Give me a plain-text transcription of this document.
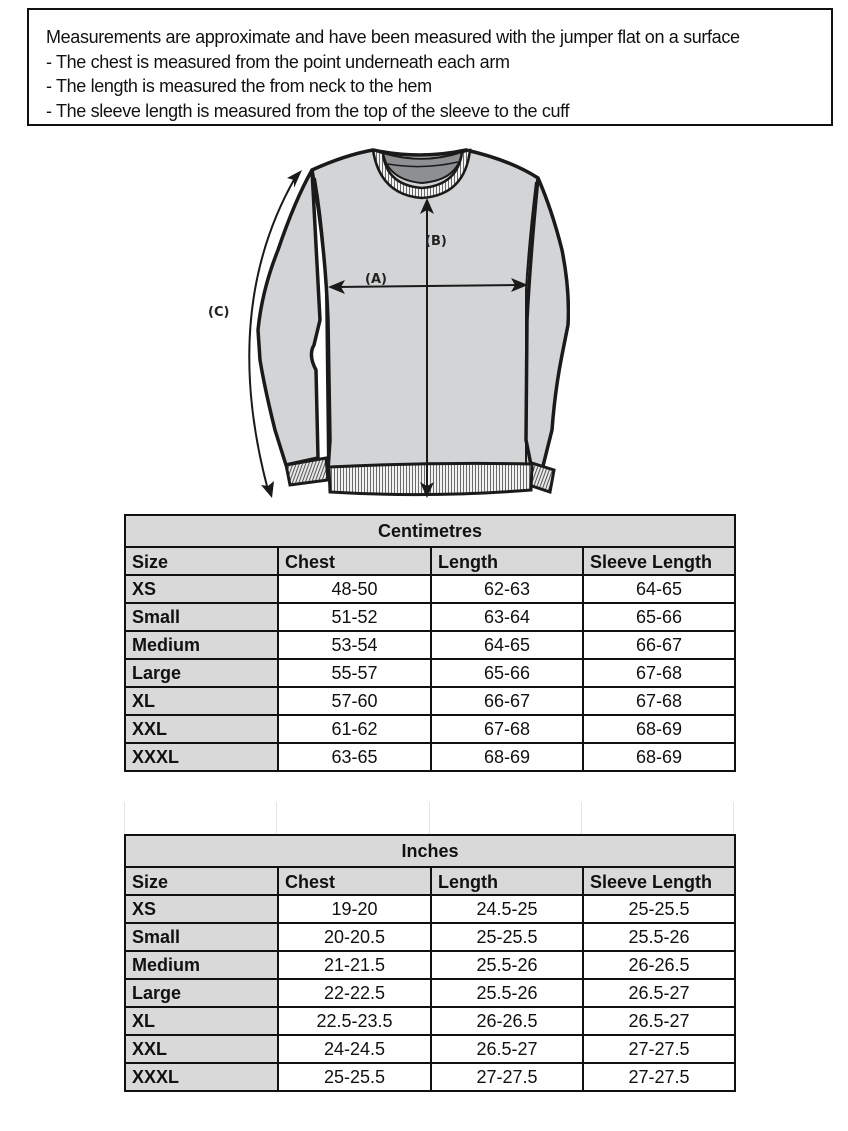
Measurements are approximate and have been measured with the jumper flat on a surface
- The chest is measured from the point underneath each arm
- The length is measured the from neck to the hem
- The sleeve length is measured from the top of the sleeve to the cuff
(A)
(B)
(C)
Centimetres			
Size	Chest	Length	Sleeve Length
XS	48-50	62-63	64-65
Small	51-52	63-64	65-66
Medium	53-54	64-65	66-67
Large	55-57	65-66	67-68
XL	57-60	66-67	67-68
XXL	61-62	67-68	68-69
XXXL	63-65	68-69	68-69
Inches			
Size	Chest	Length	Sleeve Length
XS	19-20	24.5-25	25-25.5
Small	20-20.5	25-25.5	25.5-26
Medium	21-21.5	25.5-26	26-26.5
Large	22-22.5	25.5-26	26.5-27
XL	22.5-23.5	26-26.5	26.5-27
XXL	24-24.5	26.5-27	27-27.5
XXXL	25-25.5	27-27.5	27-27.5
